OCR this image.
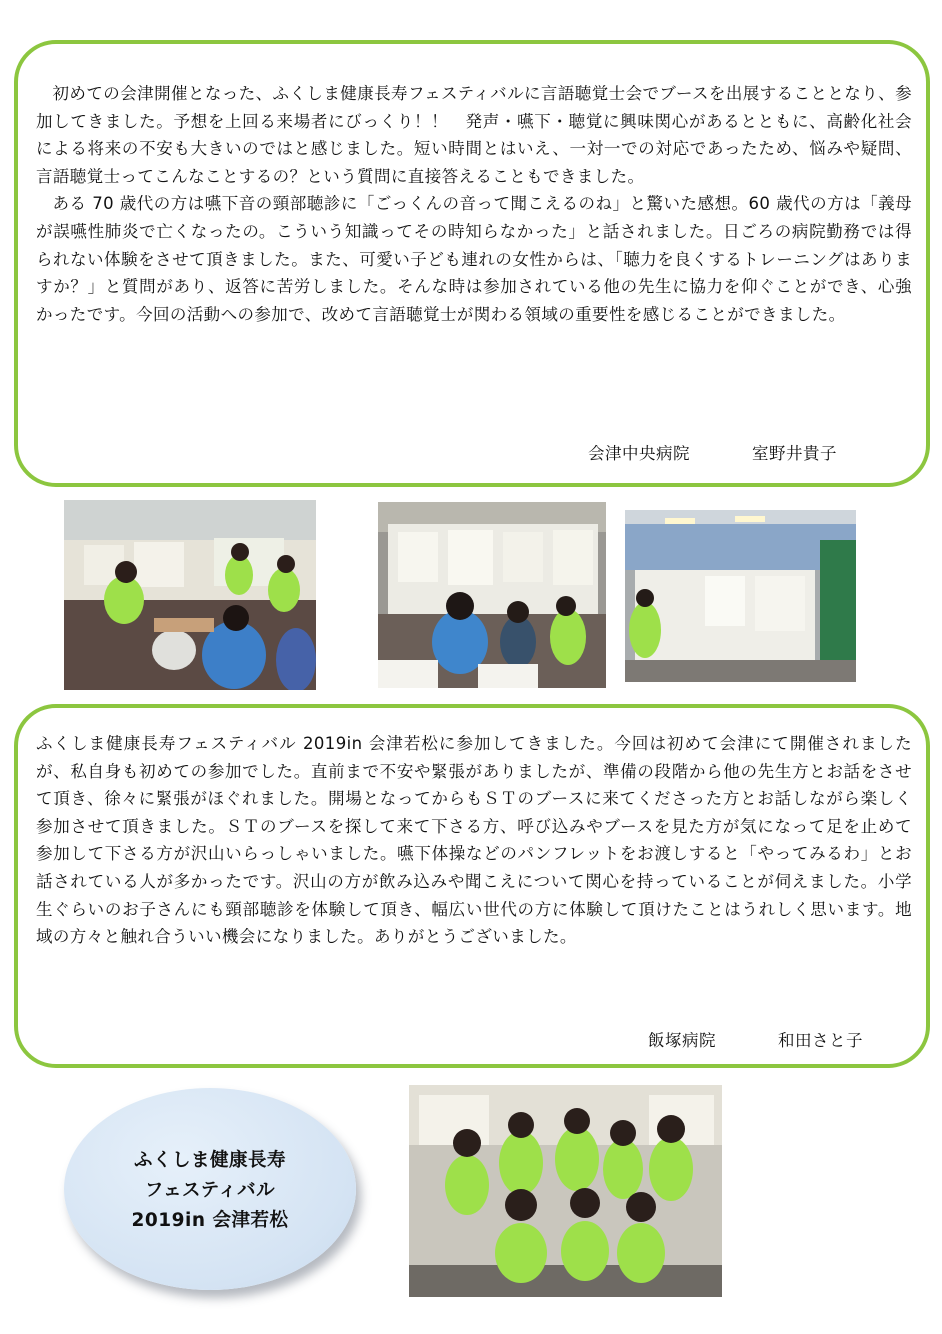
初めての会津開催となった、ふくしま健康長寿フェスティバルに言語聴覚士会でブースを出展することとなり、参加してきました。予想を上回る来場者にびっくり！！　発声・嚥下・聴覚に興味関心があるとともに、高齢化社会による将来の不安も大きいのではと感じました。短い時間とはいえ、一対一での対応であったため、悩みや疑問、言語聴覚士ってこんなことするの？という質問に直接答えることもできました。

ある 70 歳代の方は嚥下音の頸部聴診に「ごっくんの音って聞こえるのね」と驚いた感想。60 歳代の方は「義母が誤嚥性肺炎で亡くなったの。こういう知識ってその時知らなかった」と話されました。日ごろの病院勤務では得られない体験をさせて頂きました。また、可愛い子ども連れの女性からは、「聴力を良くするトレーニングはありますか？」と質問があり、返答に苦労しました。そんな時は参加されている他の先生に協力を仰ぐことができ、心強かったです。今回の活動への参加で、改めて言語聴覚士が関わる領域の重要性を感じることができました。

会津中央病院	室野井貴子

ふくしま健康長寿フェスティバル 2019in 会津若松に参加してきました。今回は初めて会津にて開催されましたが、私自身も初めての参加でした。直前まで不安や緊張がありましたが、準備の段階から他の先生方とお話をさせて頂き、徐々に緊張がほぐれました。開場となってからもＳＴのブースに来てくださった方とお話しながら楽しく参加させて頂きました。ＳＴのブースを探して来て下さる方、呼び込みやブースを見た方が気になって足を止めて参加して下さる方が沢山いらっしゃいました。嚥下体操などのパンフレットをお渡しすると「やってみるわ」とお話されている人が多かったです。沢山の方が飲み込みや聞こえについて関心を持っていることが伺えました。小学生ぐらいのお子さんにも頸部聴診を体験して頂き、幅広い世代の方に体験して頂けたことはうれしく思います。地域の方々と触れ合ういい機会になりました。ありがとうございました。

飯塚病院	和田さと子
ふくしま健康長寿
フェスティバル
2019in 会津若松
